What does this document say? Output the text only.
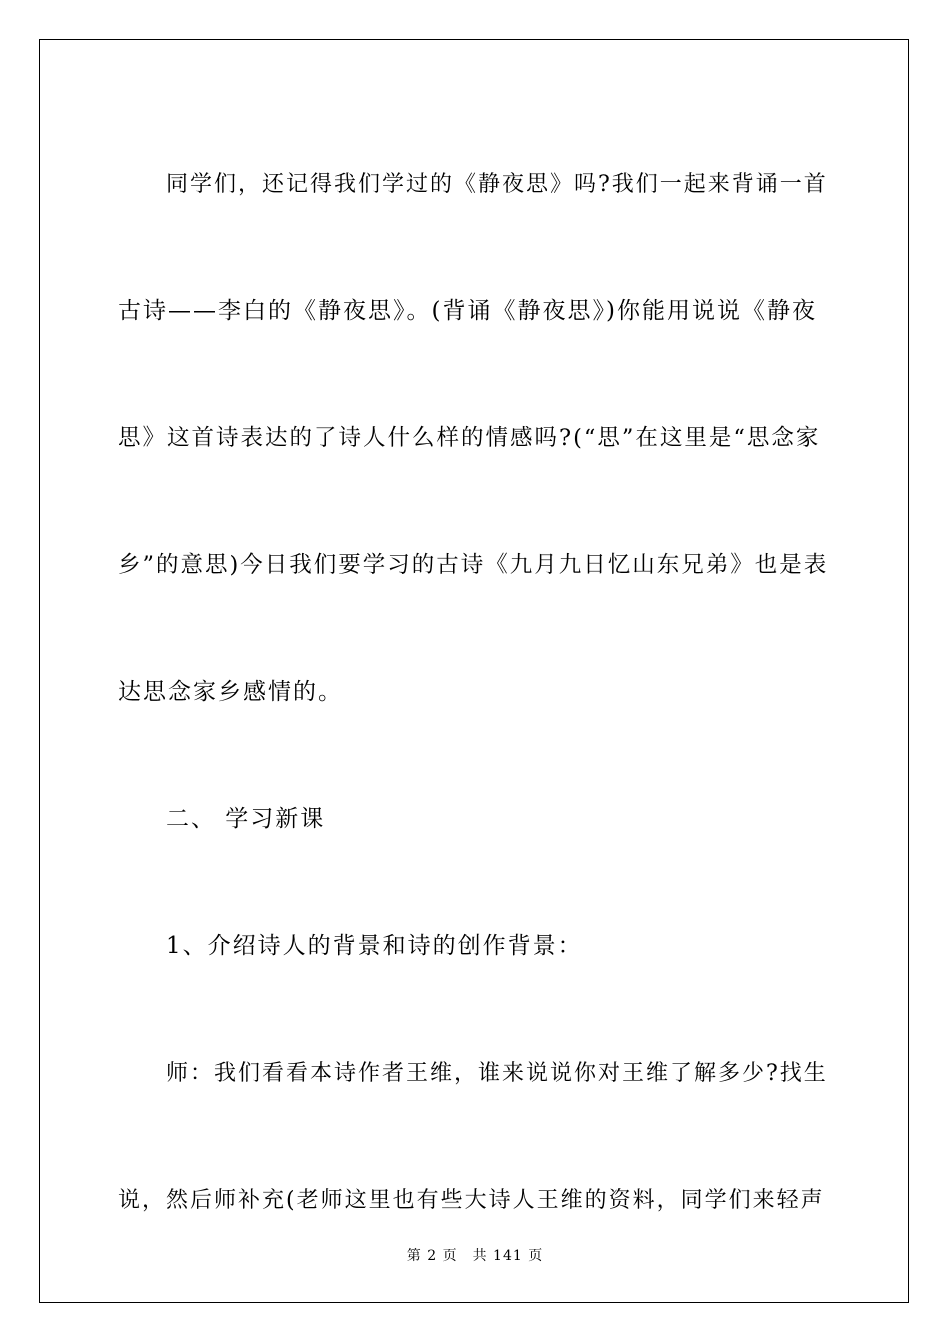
同学们，还记得我们学过的《静夜思》吗?我们一起来背诵一首
古诗——李白的《静夜思》。(背诵《静夜思》)你能用说说《静夜
思》这首诗表达的了诗人什么样的情感吗?(“思”在这里是“思念家
乡”的意思)今日我们要学习的古诗《九月九日忆山东兄弟》也是表
达思念家乡感情的。

二、 学习新课

1、介绍诗人的背景和诗的创作背景：

师：我们看看本诗作者王维，谁来说说你对王维了解多少?找生
说，然后师补充(老师这里也有些大诗人王维的资料，同学们来轻声

第 2 页　共 141 页
